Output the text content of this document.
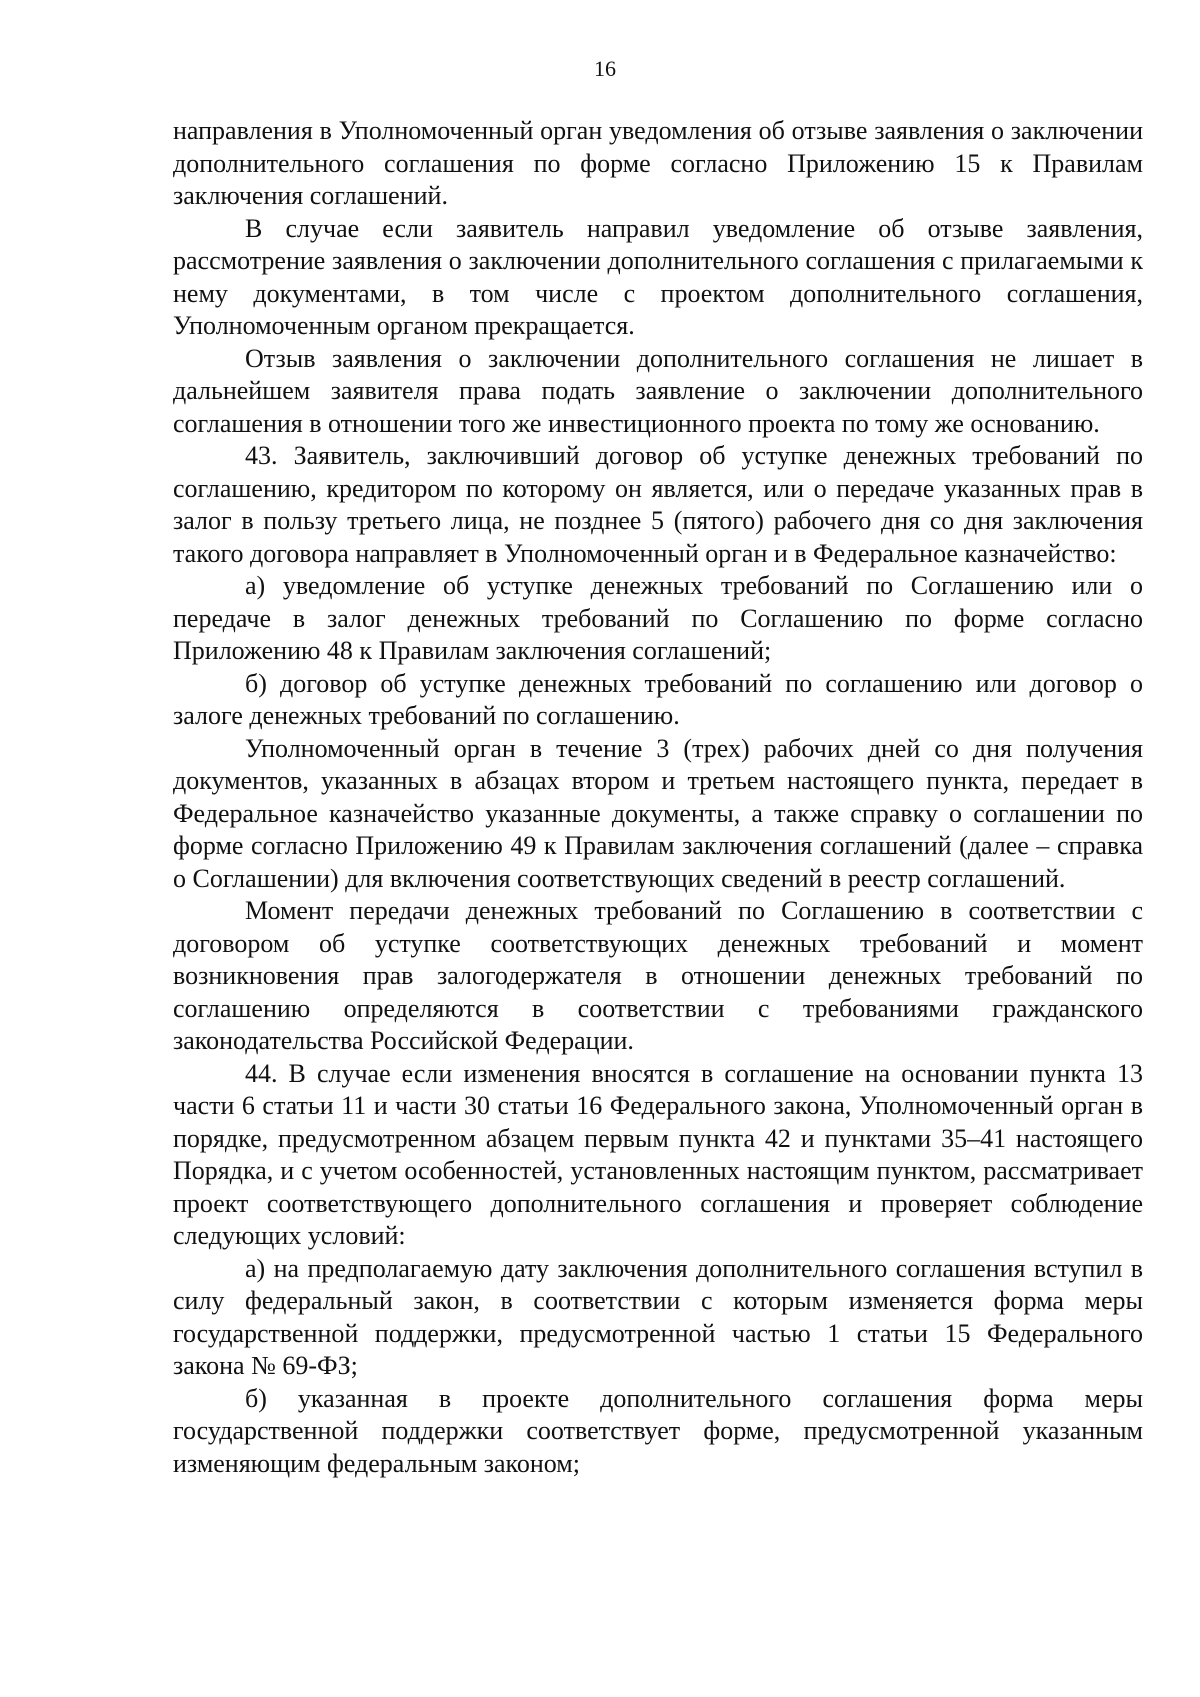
16

направления в Уполномоченный орган уведомления об отзыве заявления о заключении дополнительного соглашения по форме согласно Приложению 15 к Правилам заключения соглашений.

В случае если заявитель направил уведомление об отзыве заявления, рассмотрение заявления о заключении дополнительного соглашения с прилагаемыми к нему документами, в том числе с проектом дополнительного соглашения, Уполномоченным органом прекращается.

Отзыв заявления о заключении дополнительного соглашения не лишает в дальнейшем заявителя права подать заявление о заключении дополнительного соглашения в отношении того же инвестиционного проекта по тому же основанию.

43. Заявитель, заключивший договор об уступке денежных требований по соглашению, кредитором по которому он является, или о передаче указанных прав в залог в пользу третьего лица, не позднее 5 (пятого) рабочего дня со дня заключения такого договора направляет в Уполномоченный орган и в Федеральное казначейство:

а) уведомление об уступке денежных требований по Соглашению или о передаче в залог денежных требований по Соглашению по форме согласно Приложению 48 к Правилам заключения соглашений;

б) договор об уступке денежных требований по соглашению или договор о залоге денежных требований по соглашению.

Уполномоченный орган в течение 3 (трех) рабочих дней со дня получения документов, указанных в абзацах втором и третьем настоящего пункта, передает в Федеральное казначейство указанные документы, а также справку о соглашении по форме согласно Приложению 49 к Правилам заключения соглашений (далее – справка о Соглашении) для включения соответствующих сведений в реестр соглашений.

Момент передачи денежных требований по Соглашению в соответствии с договором об уступке соответствующих денежных требований и момент возникновения прав залогодержателя в отношении денежных требований по соглашению определяются в соответствии с требованиями гражданского законодательства Российской Федерации.

44. В случае если изменения вносятся в соглашение на основании пункта 13 части 6 статьи 11 и части 30 статьи 16 Федерального закона, Уполномоченный орган в порядке, предусмотренном абзацем первым пункта 42 и пунктами 35–41 настоящего Порядка, и с учетом особенностей, установленных настоящим пунктом, рассматривает проект соответствующего дополнительного соглашения и проверяет соблюдение следующих условий:

а) на предполагаемую дату заключения дополнительного соглашения вступил в силу федеральный закон, в соответствии с которым изменяется форма меры государственной поддержки, предусмотренной частью 1 статьи 15 Федерального закона № 69-ФЗ;

б) указанная в проекте дополнительного соглашения форма меры государственной поддержки соответствует форме, предусмотренной указанным изменяющим федеральным законом;
